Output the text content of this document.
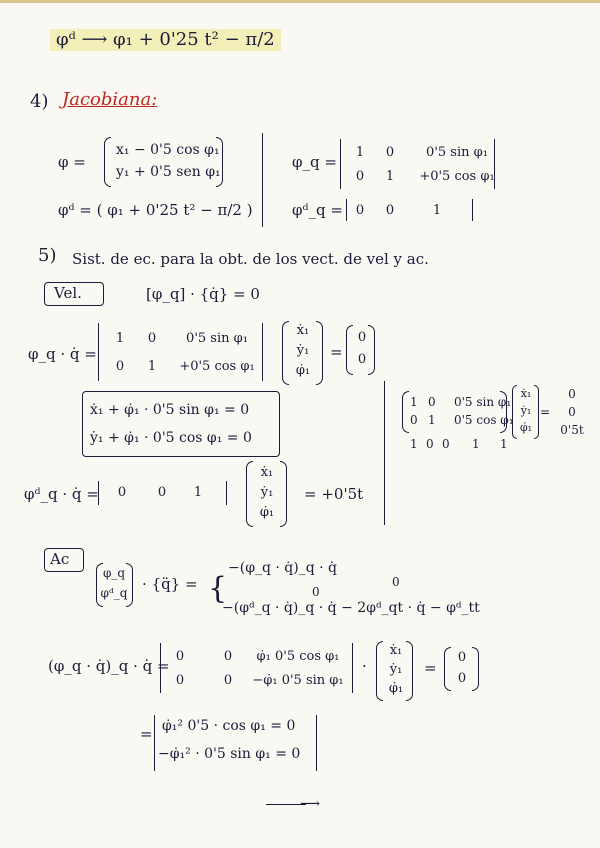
φᵈ ⟶ φ₁ + 0'25 t² − π/2
4) Jacobiana:
φ =
x₁ − 0'5 cos φ₁
y₁ + 0'5 sen φ₁
φᵈ = ( φ₁ + 0'25 t² − π/2 )
φ_q =
1	0	0'5 sin φ₁
0	1	+0'5 cos φ₁
φᵈ_q = 0	0	1
5) Sist. de ec. para la obt. de los vect. de vel y ac.
Vel.	[φ_q] · {q̇} = 0
φ_q · q̇ =
1	0	0'5 sin φ₁
0	1	+0'5 cos φ₁
ẋ₁
ẏ₁
φ̇₁
=
0
0
ẋ₁ + φ̇₁ · 0'5 sin φ₁ = 0
ẏ₁ + φ̇₁ · 0'5 cos φ₁ = 0
1 0 0'5 sin φ₁
0 1 0'5 cos φ₁
1 0 0 1 1
ẋ₁
ẏ₁
φ̇₁
=
0
0
0'5t
φᵈ_q · q̇ =	0	0	1
ẋ₁
ẏ₁
φ̇₁
= +0'5t
Ac
φ_q
φᵈ_q · {q̈} = {
−(φ_q · q̇)_q · q̇
0
0
−(φᵈ_q · q̇)_q · q̇ − 2φᵈ_qt · q̇ − φᵈ_tt
(φ_q · q̇)_q · q̇ =
0	0	φ̇₁ 0'5 cos φ₁
0	0	−φ̇₁ 0'5 sin φ₁
·
ẋ₁
ẏ₁
φ̇₁
=
0
0
= φ̇₁² 0'5 · cos φ₁ = 0
−φ̇₁² · 0'5 sin φ₁ = 0
⟶
